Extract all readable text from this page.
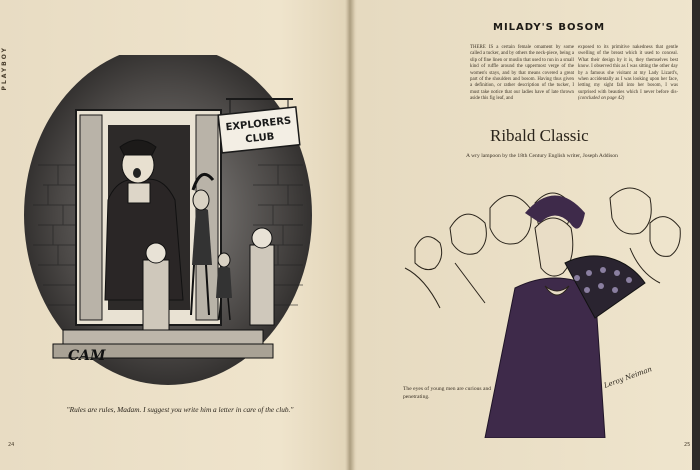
PLAYBOY
EXPLORERS
CLUB
CAM
"Rules are rules, Madam. I suggest you write him a letter in care of the club."
24
MILADY'S BOSOM
THERE IS a certain female ornament by some called a tucker, and by others the neck-piece, being a slip of fine linen or muslin that used to run in a small kind of ruffle around the uppermost verge of the women's stays, and by that means covered a great part of the shoulders and bosom. Having thus given a definition, or rather description of the tucker, I must take notice that our ladies have of late thrown aside this fig leaf, and
exposed to its primitive nakedness that gentle swelling of the breast which it used to conceal. What their design by it is, they themselves best know. I observed this as I was sitting the other day by a famous she visitant at my Lady Lizard's, when accidentally as I was looking upon her face, letting my sight fall into her bosom, I was surprised with beauties which I never before dis- (concluded on page 42)
Ribald Classic
A wry lampoon by the 18th Century English writer, Joseph Addison
Leroy Neiman
The eyes of young men are curious and penetrating.
25
